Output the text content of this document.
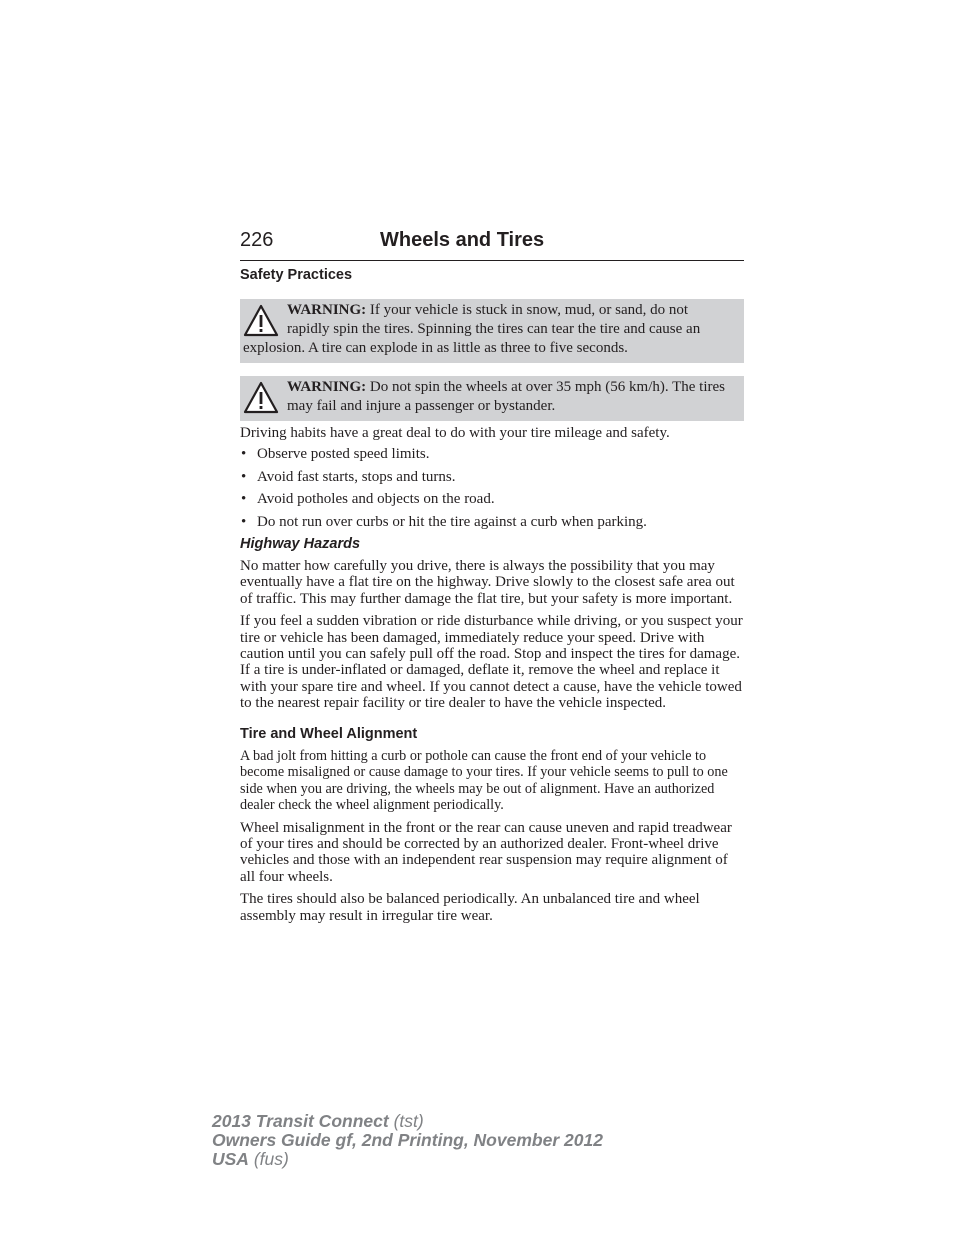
226	Wheels and Tires
Safety Practices
WARNING: If your vehicle is stuck in snow, mud, or sand, do not rapidly spin the tires. Spinning the tires can tear the tire and cause an explosion. A tire can explode in as little as three to five seconds.
WARNING: Do not spin the wheels at over 35 mph (56 km/h). The tires may fail and injure a passenger or bystander.

Driving habits have a great deal to do with your tire mileage and safety.

• Observe posted speed limits.
• Avoid fast starts, stops and turns.
• Avoid potholes and objects on the road.
• Do not run over curbs or hit the tire against a curb when parking.
Highway Hazards

No matter how carefully you drive, there is always the possibility that you may eventually have a flat tire on the highway. Drive slowly to the closest safe area out of traffic. This may further damage the flat tire, but your safety is more important.

If you feel a sudden vibration or ride disturbance while driving, or you suspect your tire or vehicle has been damaged, immediately reduce your speed. Drive with caution until you can safely pull off the road. Stop and inspect the tires for damage. If a tire is under-inflated or damaged, deflate it, remove the wheel and replace it with your spare tire and wheel. If you cannot detect a cause, have the vehicle towed to the nearest repair facility or tire dealer to have the vehicle inspected.

Tire and Wheel Alignment

A bad jolt from hitting a curb or pothole can cause the front end of your vehicle to become misaligned or cause damage to your tires. If your vehicle seems to pull to one side when you are driving, the wheels may be out of alignment. Have an authorized dealer check the wheel alignment periodically.

Wheel misalignment in the front or the rear can cause uneven and rapid treadwear of your tires and should be corrected by an authorized dealer. Front-wheel drive vehicles and those with an independent rear suspension may require alignment of all four wheels.

The tires should also be balanced periodically. An unbalanced tire and wheel assembly may result in irregular tire wear.

2013 Transit Connect (tst)
Owners Guide gf, 2nd Printing, November 2012
USA (fus)
